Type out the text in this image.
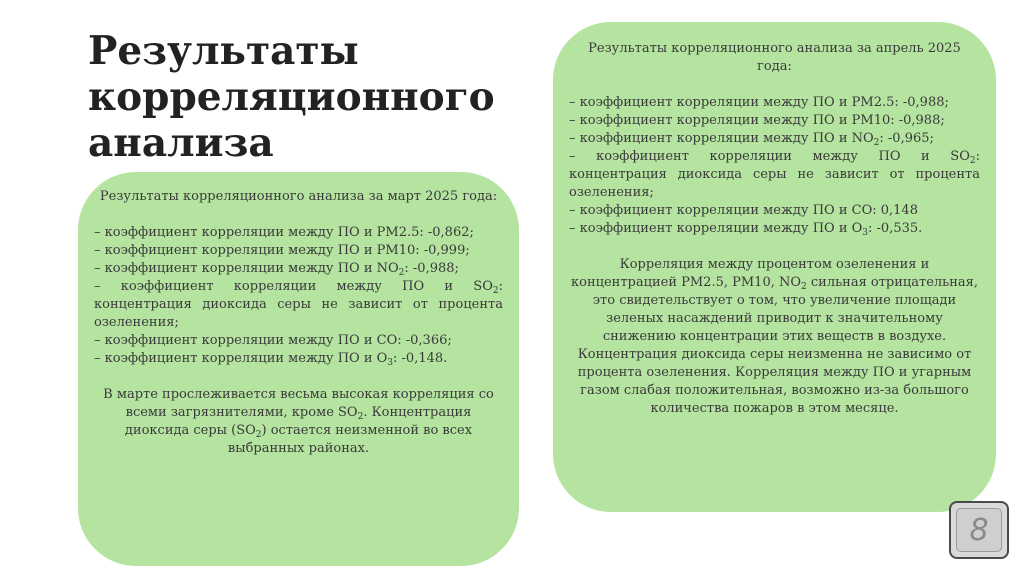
Результаты
корреляционного
анализа

Результаты корреляционного анализа за март 2025 года:

– коэффициент корреляции между ПО и РМ2.5: -0,862;
– коэффициент корреляции между ПО и РМ10: -0,999;
– коэффициент корреляции между ПО и $NO_2$: -0,988;
– коэффициент корреляции между ПО и $SO_2$: концентрация диоксида серы не зависит от процента озеленения;
– коэффициент корреляции между ПО и СО: -0,366;
– коэффициент корреляции между ПО и $О_3$: -0,148.

В марте прослеживается весьма высокая корреляция со всеми загрязнителями, кроме $SO_2$. Концентрация диоксида серы $(SO_2)$ остается неизменной во всех выбранных районах.

Результаты корреляционного анализа за апрель 2025 года:

– коэффициент корреляции между ПО и РМ2.5: -0,988;
– коэффициент корреляции между ПО и РМ10: -0,988;
– коэффициент корреляции между ПО и $NO_2$: -0,965;
– коэффициент корреляции между ПО и $SO_2$: концентрация диоксида серы не зависит от процента озеленения;
– коэффициент корреляции между ПО и СО: 0,148
– коэффициент корреляции между ПО и $О_3$: -0,535.

Корреляция между процентом озеленения и концентрацией РМ2.5, РМ10, $NO_2$ сильная отрицательная, это свидетельствует о том, что увеличение площади зеленых насаждений приводит к значительному снижению концентрации этих веществ в воздухе. Концентрация диоксида серы неизменна не зависимо от процента озеленения. Корреляция между ПО и угарным газом слабая положительная, возможно из-за большого количества пожаров в этом месяце.

8
